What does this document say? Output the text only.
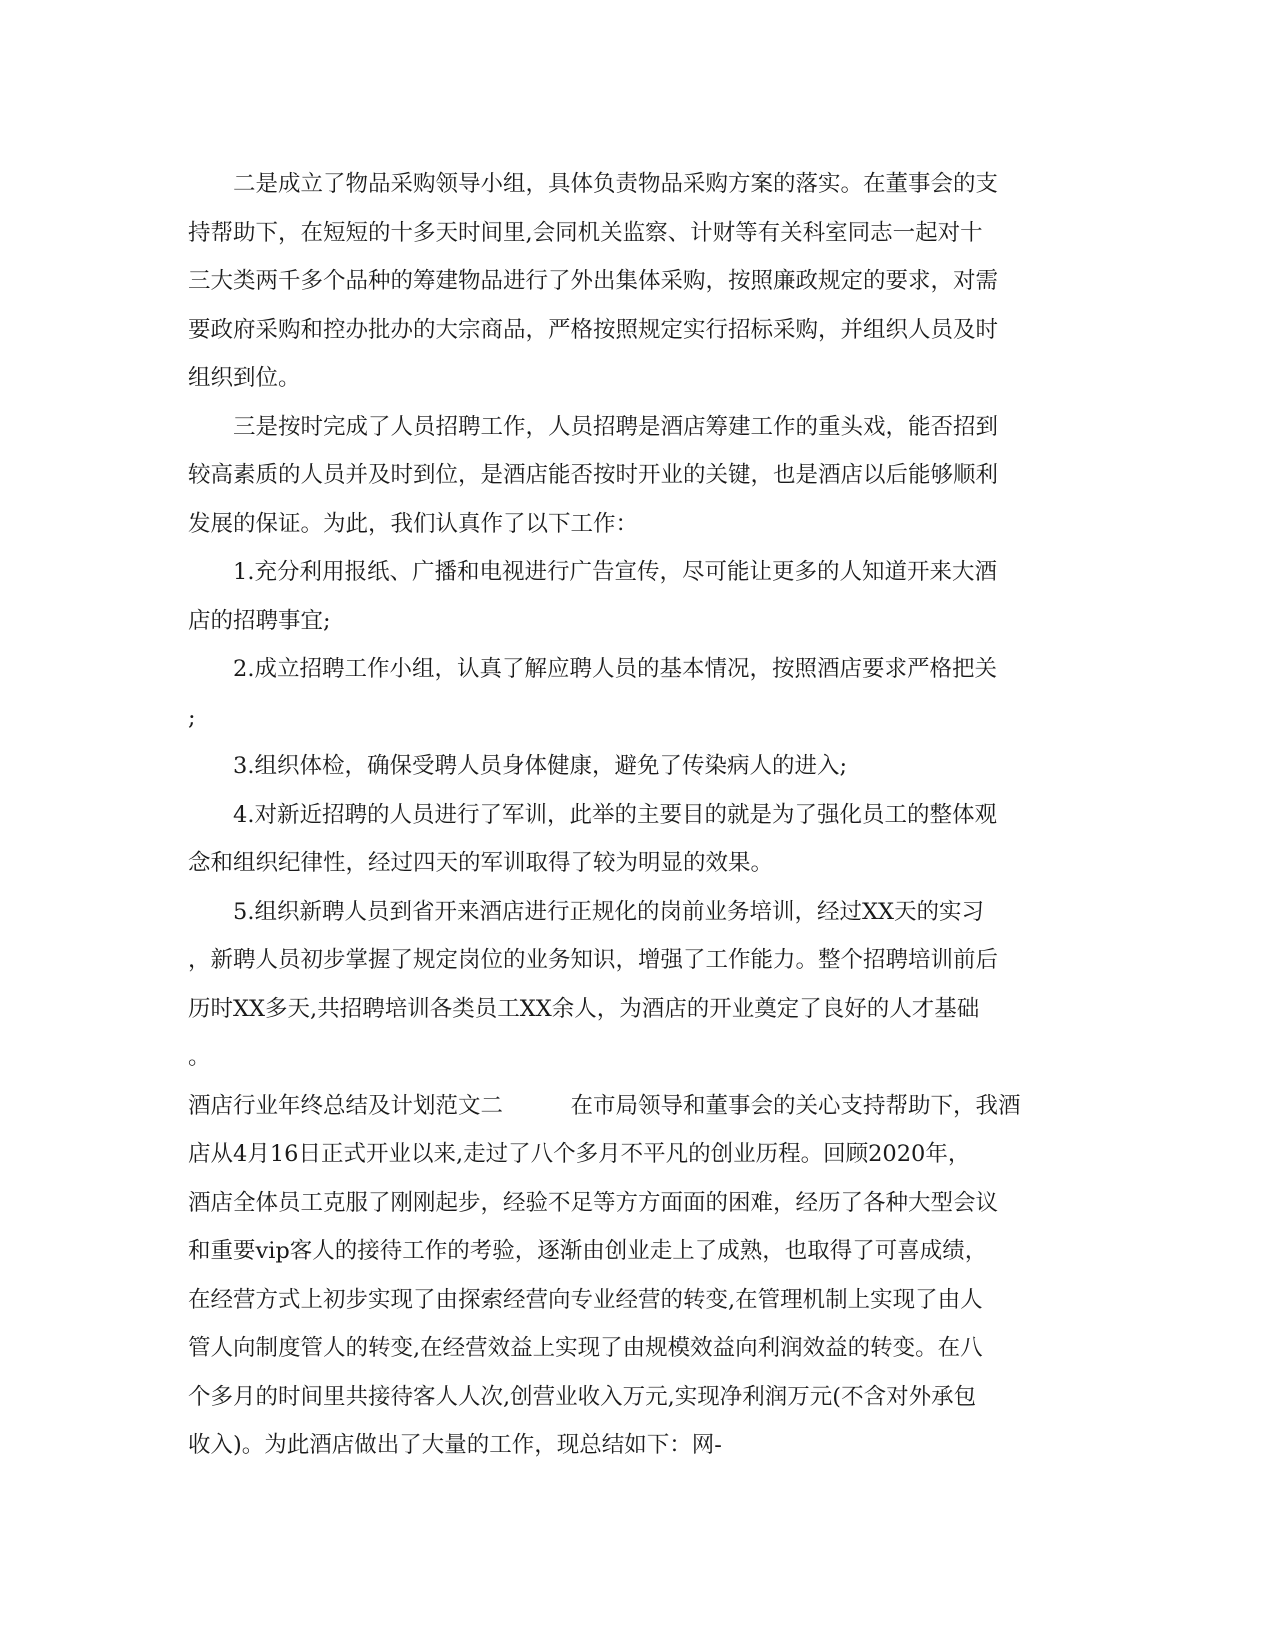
　　二是成立了物品采购领导小组，具体负责物品采购方案的落实。在董事会的支
持帮助下，在短短的十多天时间里,会同机关监察、计财等有关科室同志一起对十
三大类两千多个品种的筹建物品进行了外出集体采购，按照廉政规定的要求，对需
要政府采购和控办批办的大宗商品，严格按照规定实行招标采购，并组织人员及时
组织到位。
　　三是按时完成了人员招聘工作，人员招聘是酒店筹建工作的重头戏，能否招到
较高素质的人员并及时到位，是酒店能否按时开业的关键，也是酒店以后能够顺利
发展的保证。为此，我们认真作了以下工作：
　　1.充分利用报纸、广播和电视进行广告宣传，尽可能让更多的人知道开来大酒
店的招聘事宜;
　　2.成立招聘工作小组，认真了解应聘人员的基本情况，按照酒店要求严格把关
;
　　3.组织体检，确保受聘人员身体健康，避免了传染病人的进入;
　　4.对新近招聘的人员进行了军训，此举的主要目的就是为了强化员工的整体观
念和组织纪律性，经过四天的军训取得了较为明显的效果。
　　5.组织新聘人员到省开来酒店进行正规化的岗前业务培训，经过XX天的实习
，新聘人员初步掌握了规定岗位的业务知识，增强了工作能力。整个招聘培训前后
历时XX多天,共招聘培训各类员工XX余人，为酒店的开业奠定了良好的人才基础
。
酒店行业年终总结及计划范文二　　　在市局领导和董事会的关心支持帮助下，我酒
店从4月16日正式开业以来,走过了八个多月不平凡的创业历程。回顾2020年，
酒店全体员工克服了刚刚起步，经验不足等方方面面的困难，经历了各种大型会议
和重要vip客人的接待工作的考验，逐渐由创业走上了成熟，也取得了可喜成绩，
在经营方式上初步实现了由探索经营向专业经营的转变,在管理机制上实现了由人
管人向制度管人的转变,在经营效益上实现了由规模效益向利润效益的转变。在八
个多月的时间里共接待客人人次,创营业收入万元,实现净利润万元(不含对外承包
收入)。为此酒店做出了大量的工作，现总结如下：网-
